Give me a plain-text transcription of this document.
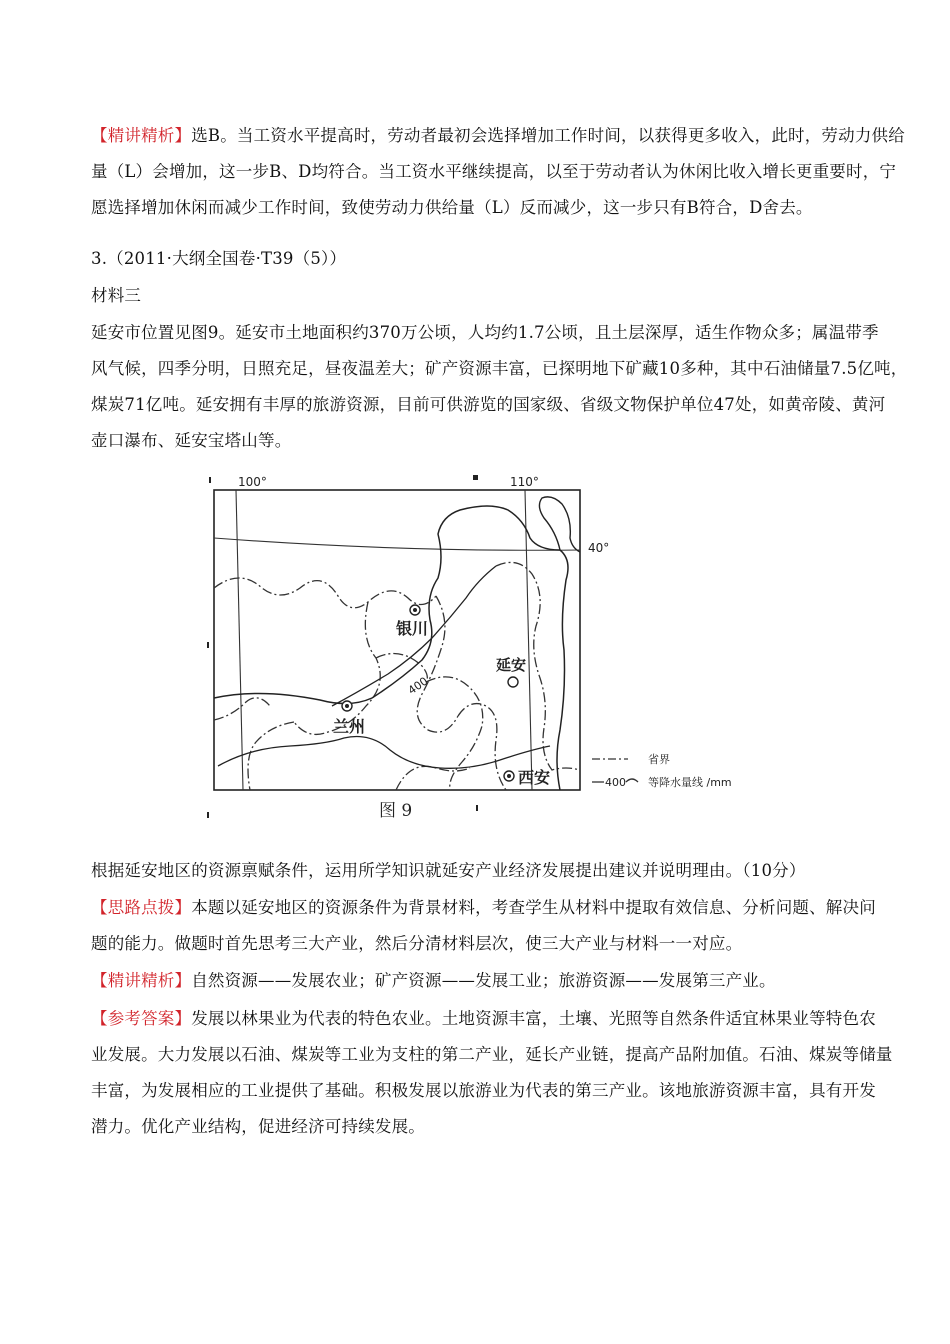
【精讲精析】选B。当工资水平提高时，劳动者最初会选择增加工作时间，以获得更多收入，此时，劳动力供给
量（L）会增加，这一步B、D均符合。当工资水平继续提高，以至于劳动者认为休闲比收入增长更重要时，宁
愿选择增加休闲而减少工作时间，致使劳动力供给量（L）反而减少，这一步只有B符合，D舍去。
3.（2011·大纲全国卷·T39（5））
材料三
延安市位置见图9。延安市土地面积约370万公顷，人均约1.7公顷，且土层深厚，适生作物众多；属温带季
风气候，四季分明，日照充足，昼夜温差大；矿产资源丰富，已探明地下矿藏10多种，其中石油储量7.5亿吨，
煤炭71亿吨。延安拥有丰厚的旅游资源，目前可供游览的国家级、省级文物保护单位47处，如黄帝陵、黄河
壶口瀑布、延安宝塔山等。
100°	110°
40°
400
银川
延安
兰州
西安
省界
400 等降水量线 /mm
图 9
根据延安地区的资源禀赋条件，运用所学知识就延安产业经济发展提出建议并说明理由。（10分）
【思路点拨】本题以延安地区的资源条件为背景材料，考查学生从材料中提取有效信息、分析问题、解决问
题的能力。做题时首先思考三大产业，然后分清材料层次，使三大产业与材料一一对应。
【精讲精析】自然资源——发展农业；矿产资源——发展工业；旅游资源——发展第三产业。
【参考答案】发展以林果业为代表的特色农业。土地资源丰富，土壤、光照等自然条件适宜林果业等特色农
业发展。大力发展以石油、煤炭等工业为支柱的第二产业，延长产业链，提高产品附加值。石油、煤炭等储量
丰富，为发展相应的工业提供了基础。积极发展以旅游业为代表的第三产业。该地旅游资源丰富，具有开发
潜力。优化产业结构，促进经济可持续发展。
